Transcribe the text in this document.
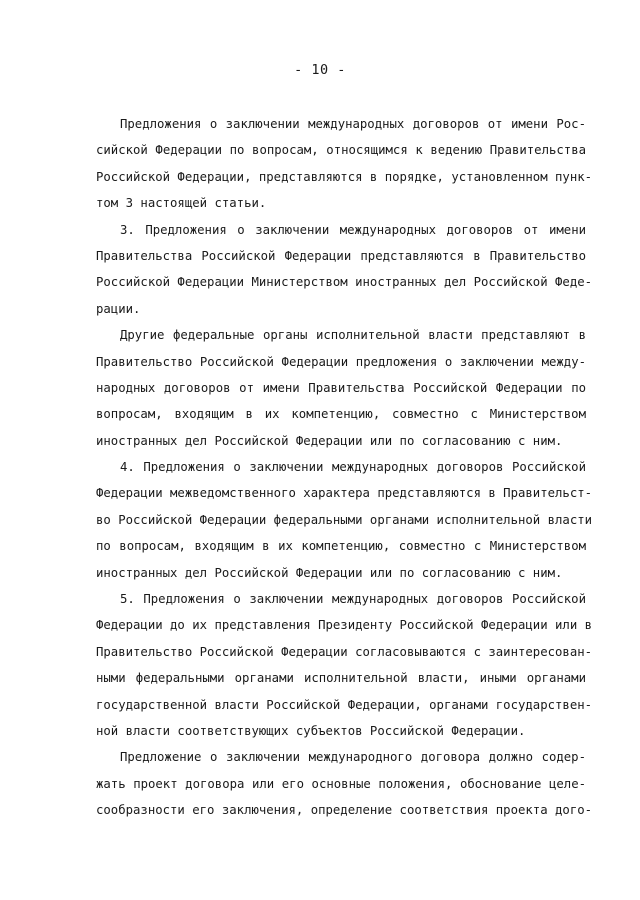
- 10 -
Предложения о заключении международных договоров от имени Рос-
сийской Федерации по вопросам, относящимся к ведению Правительства
Российской Федерации, представляются в порядке, установленном пунк-
том 3 настоящей статьи.
3. Предложения о заключении международных договоров от имени
Правительства Российской Федерации представляются в Правительство
Российской Федерации Министерством иностранных дел Российской Феде-
рации.
Другие федеральные органы исполнительной власти представляют в
Правительство Российской Федерации предложения о заключении между-
народных договоров от имени Правительства Российской Федерации по
вопросам, входящим в их компетенцию, совместно с Министерством
иностранных дел Российской Федерации или по согласованию с ним.
4. Предложения о заключении международных договоров Российской
Федерации межведомственного характера представляются в Правительст-
во Российской Федерации федеральными органами исполнительной власти
по вопросам, входящим в их компетенцию, совместно с Министерством
иностранных дел Российской Федерации или по согласованию с ним.
5. Предложения о заключении международных договоров Российской
Федерации до их представления Президенту Российской Федерации или в
Правительство Российской Федерации согласовываются с заинтересован-
ными федеральными органами исполнительной власти, иными органами
государственной власти Российской Федерации, органами государствен-
ной власти соответствующих субъектов Российской Федерации.
Предложение о заключении международного договора должно содер-
жать проект договора или его основные положения, обоснование целе-
сообразности его заключения, определение соответствия проекта дого-
